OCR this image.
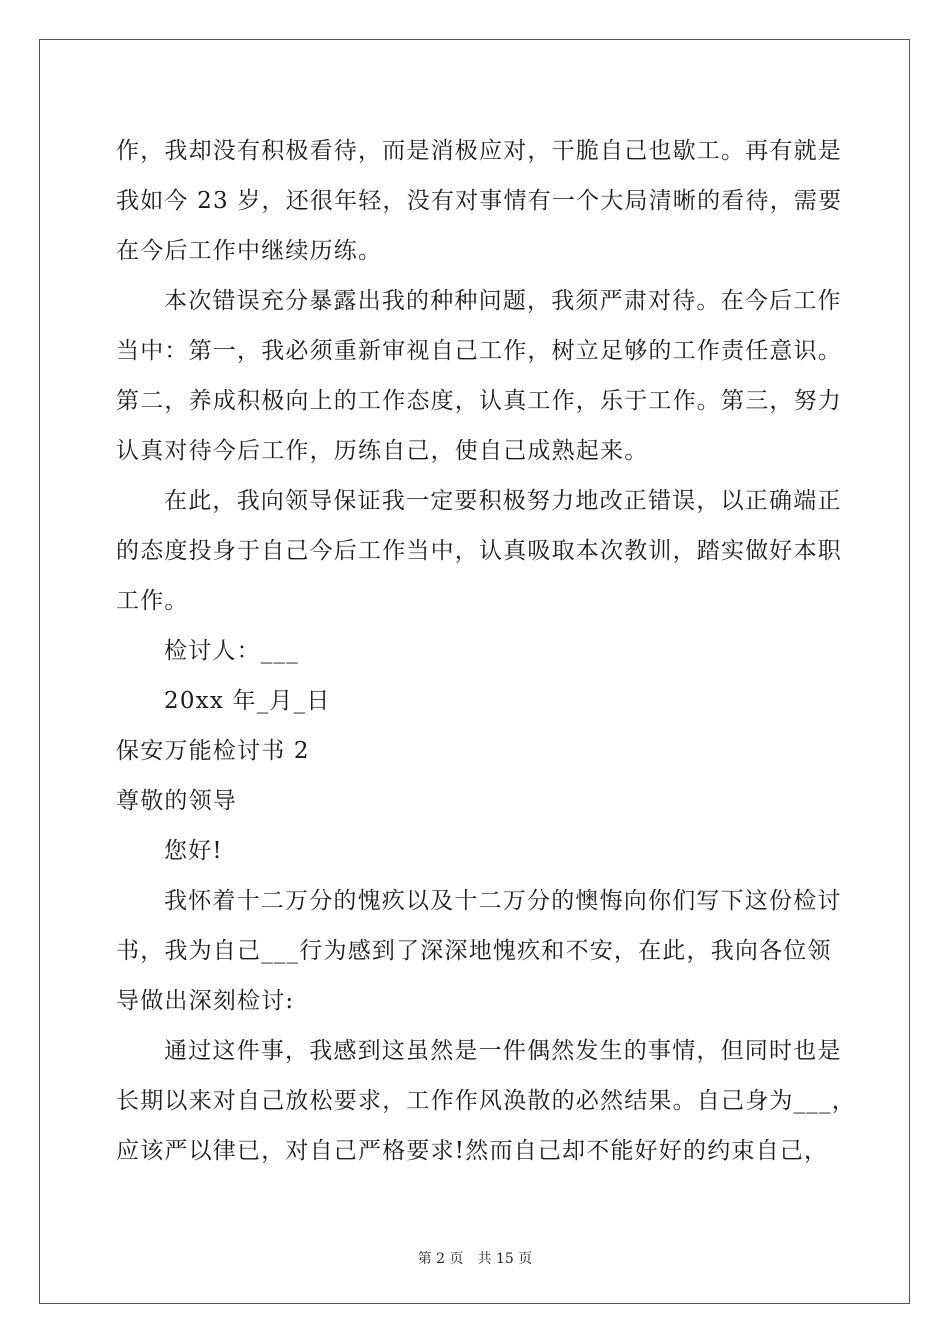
作，我却没有积极看待，而是消极应对，干脆自己也歇工。再有就是
我如今 23 岁，还很年轻，没有对事情有一个大局清晰的看待，需要
在今后工作中继续历练。
本次错误充分暴露出我的种种问题，我须严肃对待。在今后工作
当中：第一，我必须重新审视自己工作，树立足够的工作责任意识。
第二，养成积极向上的工作态度，认真工作，乐于工作。第三，努力
认真对待今后工作，历练自己，使自己成熟起来。
在此，我向领导保证我一定要积极努力地改正错误，以正确端正
的态度投身于自己今后工作当中，认真吸取本次教训，踏实做好本职
工作。
检讨人：___
20xx 年_月_日
保安万能检讨书 2
尊敬的领导
您好!
我怀着十二万分的愧疚以及十二万分的懊悔向你们写下这份检讨
书，我为自己___行为感到了深深地愧疚和不安，在此，我向各位领
导做出深刻检讨:
通过这件事，我感到这虽然是一件偶然发生的事情，但同时也是
长期以来对自己放松要求，工作作风涣散的必然结果。自己身为___，
应该严以律已，对自己严格要求!然而自己却不能好好的约束自己，
第 2 页 共 15 页
